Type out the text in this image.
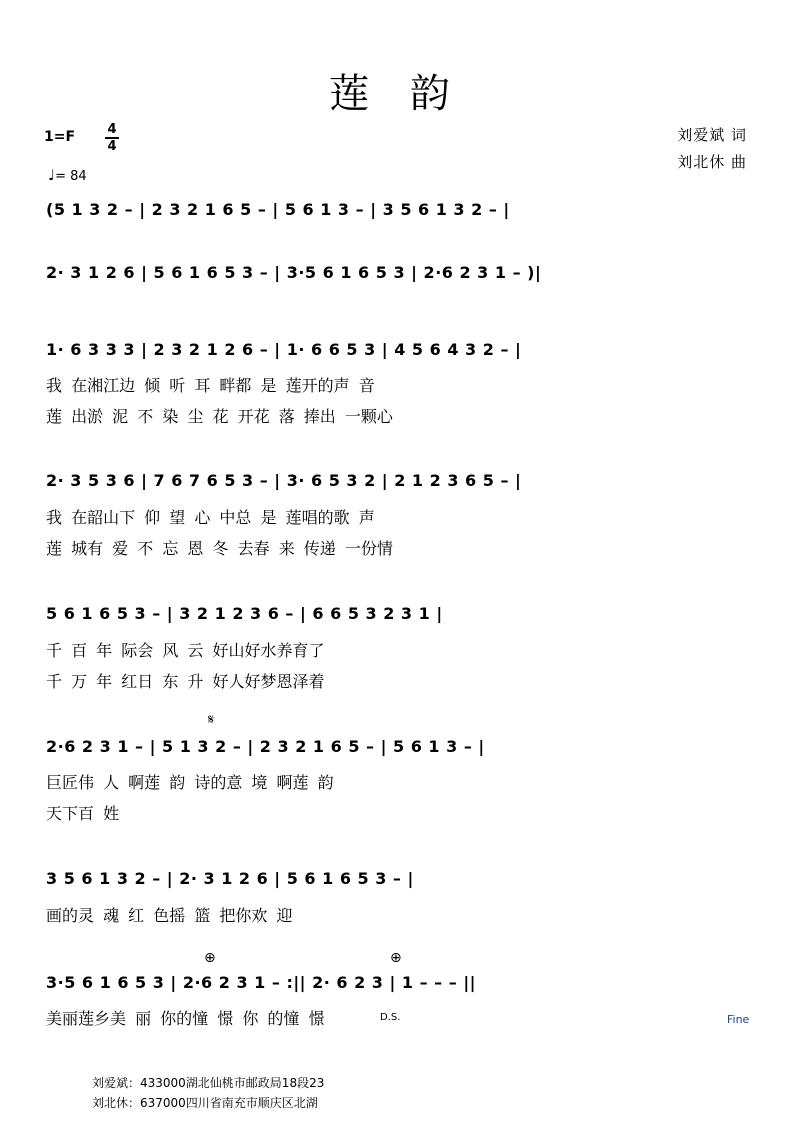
莲 韵
1=F 4
4
♩= 84
刘爱斌 词
刘北休 曲
(5 1 3 2 – | 2 3 2 1 6 5 – | 5 6 1 3 – | 3 5 6 1 3 2 – |
2· 3 1 2 6 | 5 6 1 6 5 3 – | 3·5 6 1 6 5 3 | 2·6 2 3 1 – )|
1· 6 3 3 3 | 2 3 2 1 2 6 – | 1· 6 6 5 3 | 4 5 6 4 3 2 – |
我 在湘江边 倾 听 耳 畔都 是 莲开的声 音
莲 出淤 泥 不 染 尘 花 开花 落 捧出 一颗心
2· 3 5 3 6 | 7 6 7 6 5 3 – | 3· 6 5 3 2 | 2 1 2 3 6 5 – |
我 在韶山下 仰 望 心 中总 是 莲唱的歌 声
莲 城有 爱 不 忘 恩 冬 去春 来 传递 一份情
5 6 1 6 5 3 – | 3 2 1 2 3 6 – | 6 6 5 3 2 3 1 |
千 百 年 际会 风 云 好山好水养育了
千 万 年 红日 东 升 好人好梦恩泽着
𝄋
2·6 2 3 1 – | 5 1 3 2 – | 2 3 2 1 6 5 – | 5 6 1 3 – |
巨匠伟 人 啊莲 韵 诗的意 境 啊莲 韵
天下百 姓
3 5 6 1 3 2 – | 2· 3 1 2 6 | 5 6 1 6 5 3 – |
画的灵 魂 红 色摇 篮 把你欢 迎
⊕	⊕
3·5 6 1 6 5 3 | 2·6 2 3 1 – :|| 2· 6 2 3 | 1 – – – ||
美丽莲乡美 丽 你的憧 憬 你 的憧 憬	D.S.	Fine
刘爱斌：433000湖北仙桃市邮政局18段23
刘北休：637000四川省南充市顺庆区北湖
